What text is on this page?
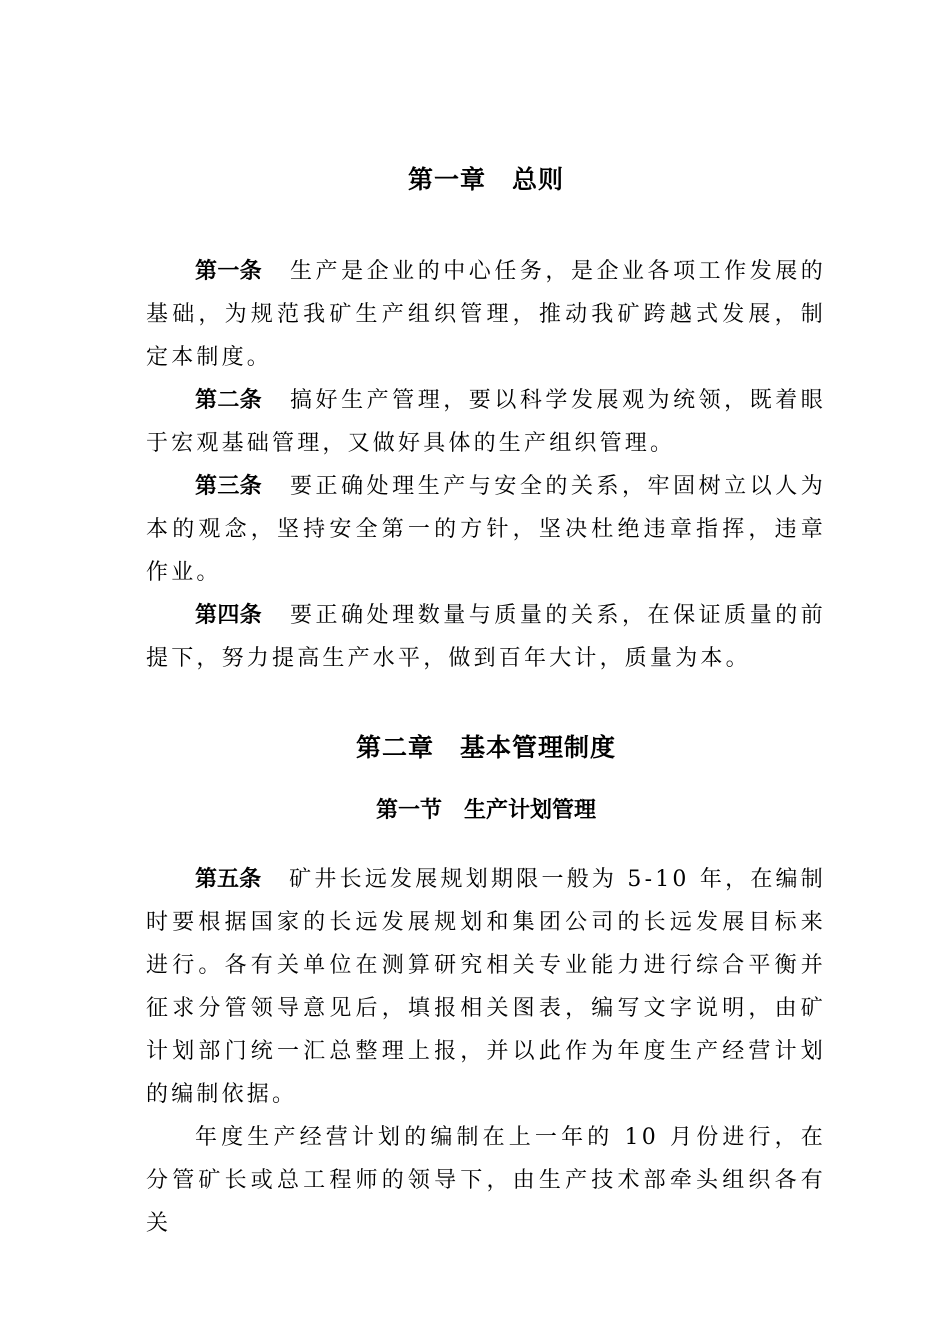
第一章　总则

第一条 生产是企业的中心任务，是企业各项工作发展的基础，为规范我矿生产组织管理，推动我矿跨越式发展，制定本制度。

第二条 搞好生产管理，要以科学发展观为统领，既着眼于宏观基础管理，又做好具体的生产组织管理。

第三条 要正确处理生产与安全的关系，牢固树立以人为本的观念，坚持安全第一的方针，坚决杜绝违章指挥，违章作业。

第四条 要正确处理数量与质量的关系，在保证质量的前提下，努力提高生产水平，做到百年大计，质量为本。

第二章　基本管理制度
第一节　生产计划管理

第五条 矿井长远发展规划期限一般为 5-10 年，在编制时要根据国家的长远发展规划和集团公司的长远发展目标来进行。各有关单位在测算研究相关专业能力进行综合平衡并征求分管领导意见后，填报相关图表，编写文字说明，由矿计划部门统一汇总整理上报，并以此作为年度生产经营计划的编制依据。

年度生产经营计划的编制在上一年的 10 月份进行，在分管矿长或总工程师的领导下，由生产技术部牵头组织各有关
